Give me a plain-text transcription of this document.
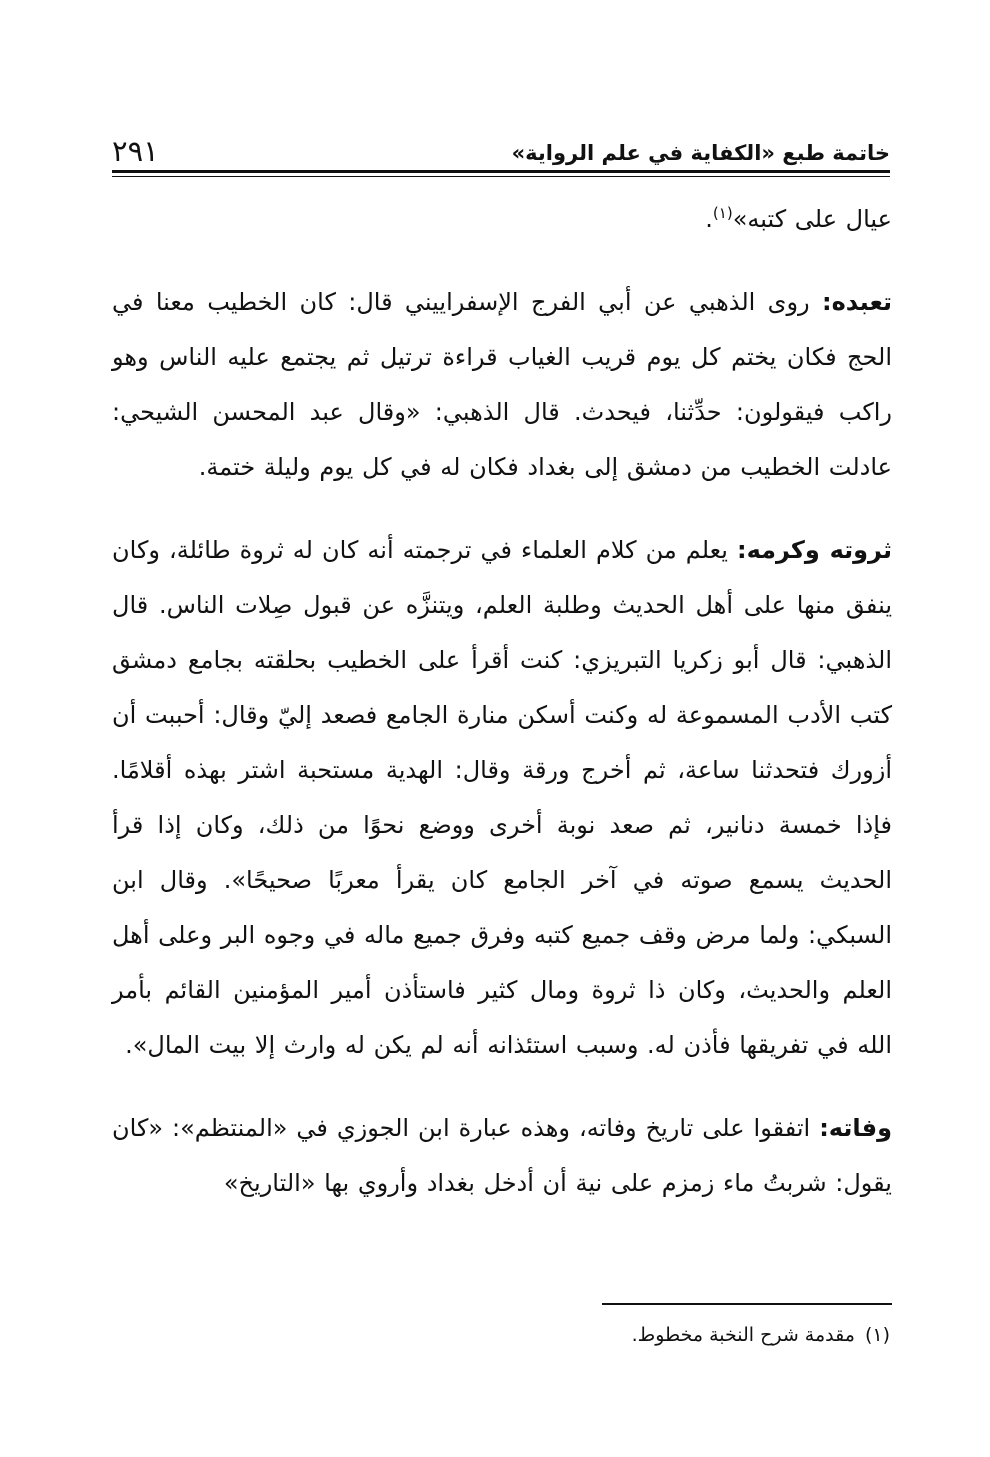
خاتمة طبع «الكفاية في علم الرواية»
٢٩١

عيال على كتبه»$^{(١)}$.

تعبده: روى الذهبي عن أبي الفرج الإسفراييني قال: كان الخطيب معنا في الحج فكان يختم كل يوم قريب الغياب قراءة ترتيل ثم يجتمع عليه الناس وهو راكب فيقولون: حدِّثنا، فيحدث. قال الذهبي: «وقال عبد المحسن الشيحي: عادلت الخطيب من دمشق إلى بغداد فكان له في كل يوم وليلة ختمة.

ثروته وكرمه: يعلم من كلام العلماء في ترجمته أنه كان له ثروة طائلة، وكان ينفق منها على أهل الحديث وطلبة العلم، ويتنزَّه عن قبول صِلات الناس. قال الذهبي: قال أبو زكريا التبريزي: كنت أقرأ على الخطيب بحلقته بجامع دمشق كتب الأدب المسموعة له وكنت أسكن منارة الجامع فصعد إليّ وقال: أحببت أن أزورك فتحدثنا ساعة، ثم أخرج ورقة وقال: الهدية مستحبة اشتر بهذه أقلامًا. فإذا خمسة دنانير، ثم صعد نوبة أخرى ووضع نحوًا من ذلك، وكان إذا قرأ الحديث يسمع صوته في آخر الجامع كان يقرأ معربًا صحيحًا». وقال ابن السبكي: ولما مرض وقف جميع كتبه وفرق جميع ماله في وجوه البر وعلى أهل العلم والحديث، وكان ذا ثروة ومال كثير فاستأذن أمير المؤمنين القائم بأمر الله في تفريقها فأذن له. وسبب استئذانه أنه لم يكن له وارث إلا بيت المال».

وفاته: اتفقوا على تاريخ وفاته، وهذه عبارة ابن الجوزي في «المنتظم»: «كان يقول: شربتُ ماء زمزم على نية أن أدخل بغداد وأروي بها «التاريخ»

(١)
مقدمة شرح النخبة مخطوط.
